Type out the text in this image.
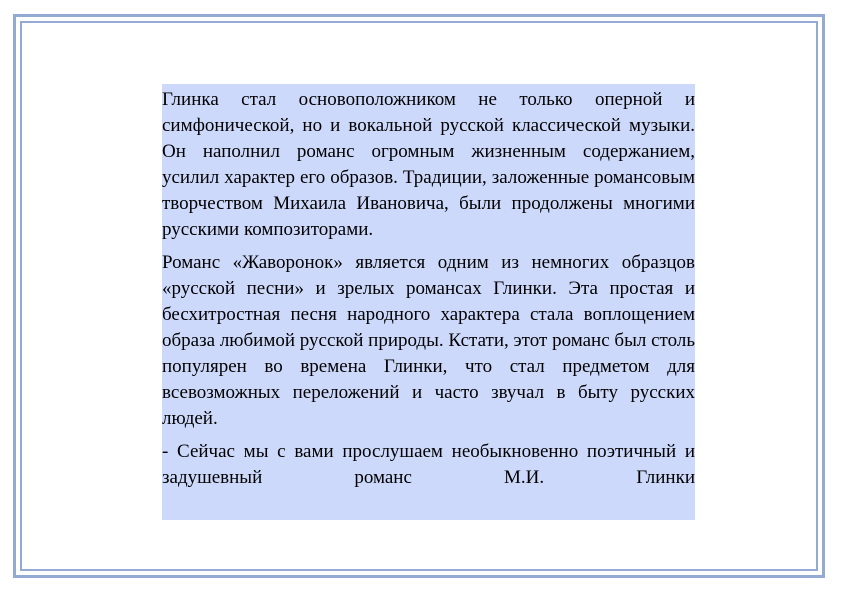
Глинка стал основоположником не только оперной и симфонической, но и вокальной русской классической музыки. Он наполнил романс огромным жизненным содержанием, усилил характер его образов. Традиции, заложенные романсовым творчеством Михаила Ивановича, были продолжены многими русскими композиторами.

Романс «Жаворонок» является одним из немногих образцов «русской песни» и зрелых романсах Глинки. Эта простая и бесхитростная песня народного характера стала воплощением образа любимой русской природы. Кстати, этот романс был столь популярен во времена Глинки, что стал предметом для всевозможных переложений и часто звучал в быту русских людей.

- Сейчас мы с вами прослушаем необыкновенно поэтичный и задушевный романс М.И. Глинки
